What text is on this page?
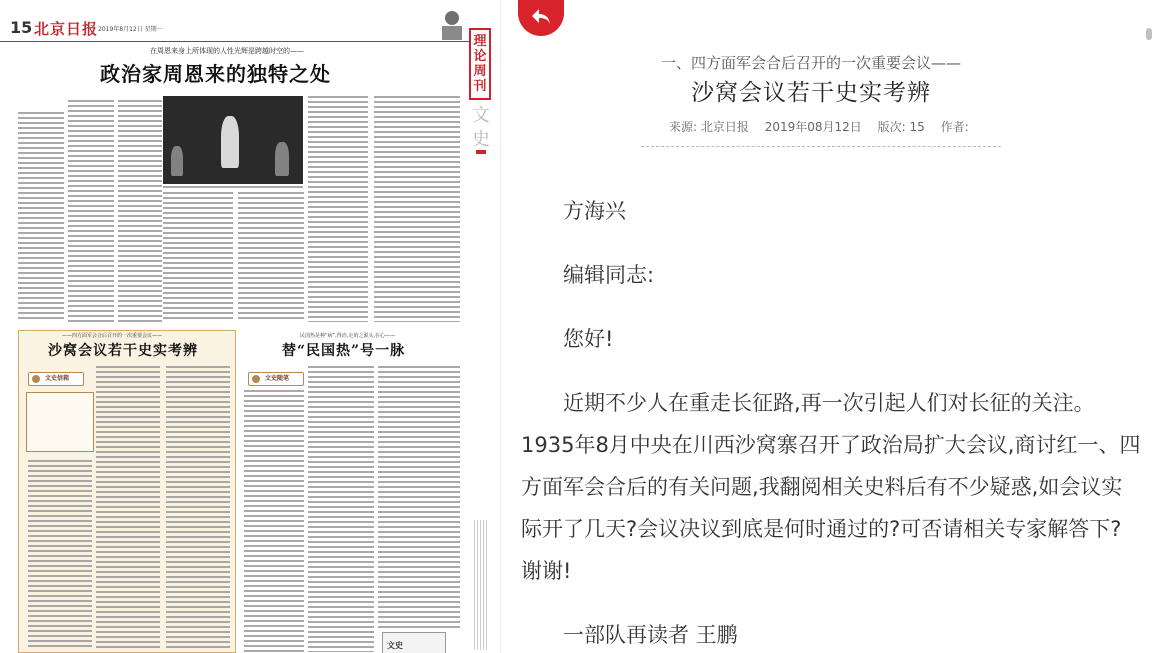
15 北京日报 2019年8月12日 星期一
在周恩来身上所体现的人性光辉是跨越时空的——
政治家周恩来的独特之处
理
论
周
刊
文
史
——四方面军会合后召开的一次重要会议——
沙窝会议若干史实考辨
文史信箱
民国热是种“病”,得治,走俏之源头,在心——
替“民国热”号一脉
文史随笔
文史
一、四方面军会合后召开的一次重要会议——
沙窝会议若干史实考辨
来源: 北京日报 2019年08月12日 版次: 15 作者:

方海兴

编辑同志:

您好!

近期不少人在重走长征路,再一次引起人们对长征的关注。1935年8月中央在川西沙窝寨召开了政治局扩大会议,商讨红一、四方面军会合后的有关问题,我翻阅相关史料后有不少疑惑,如会议实际开了几天?会议决议到底是何时通过的?可否请相关专家解答下?谢谢!

一部队再读者 王鹏
